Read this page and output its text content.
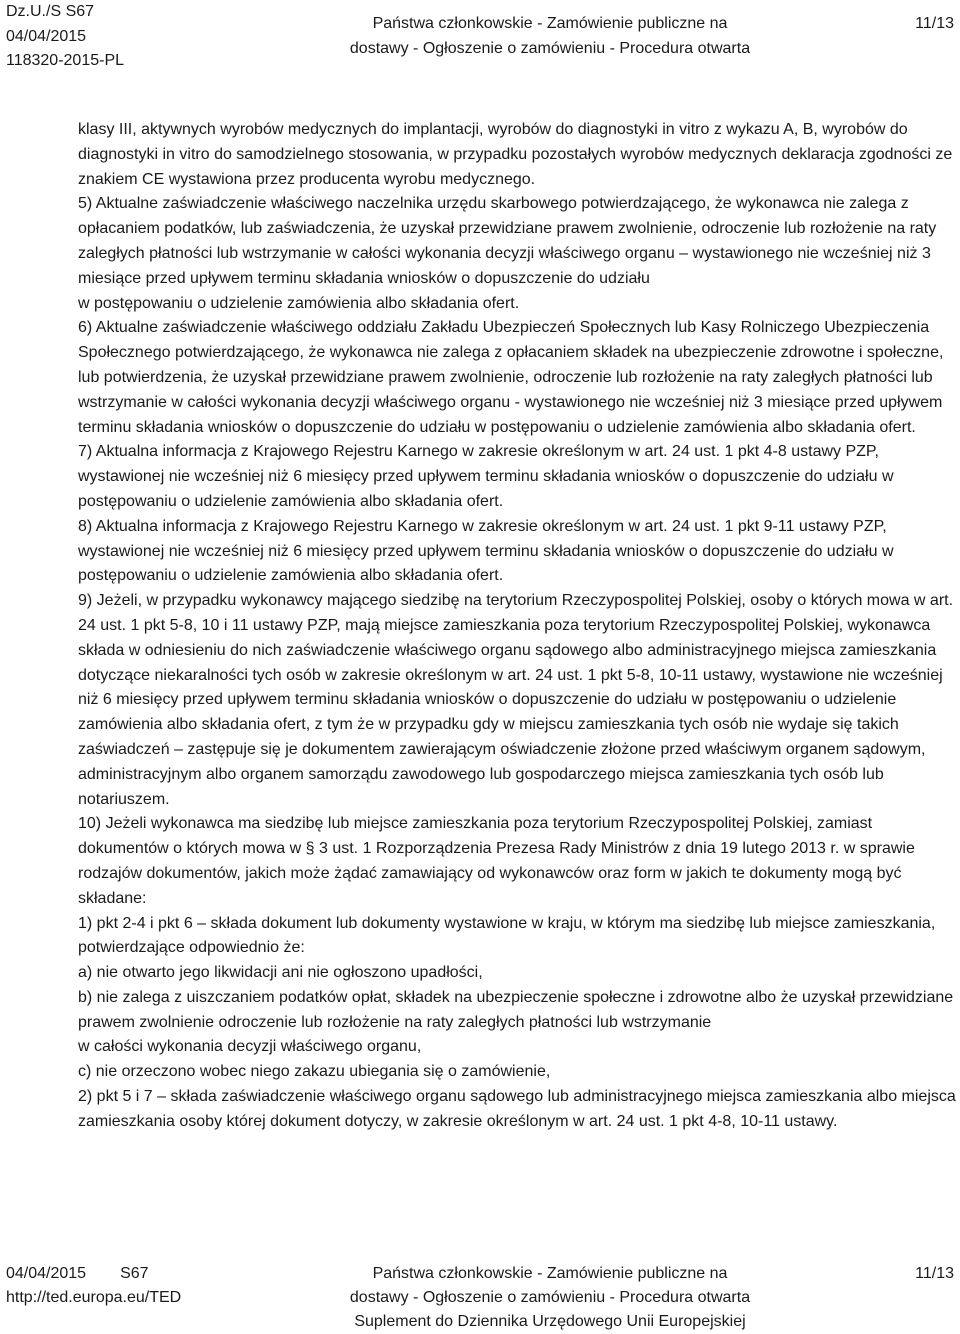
Dz.U./S S67
04/04/2015
118320-2015-PL
Państwa członkowskie - Zamówienie publiczne na
dostawy - Ogłoszenie o zamówieniu - Procedura otwarta
11/13

klasy III, aktywnych wyrobów medycznych do implantacji, wyrobów do diagnostyki in vitro z wykazu A, B, wyrobów do diagnostyki in vitro do samodzielnego stosowania, w przypadku pozostałych wyrobów medycznych deklaracja zgodności ze znakiem CE wystawiona przez producenta wyrobu medycznego.

5) Aktualne zaświadczenie właściwego naczelnika urzędu skarbowego potwierdzającego, że wykonawca nie zalega z opłacaniem podatków, lub zaświadczenia, że uzyskał przewidziane prawem zwolnienie, odroczenie lub rozłożenie na raty zaległych płatności lub wstrzymanie w całości wykonania decyzji właściwego organu – wystawionego nie wcześniej niż 3 miesiące przed upływem terminu składania wniosków o dopuszczenie do udziału

w postępowaniu o udzielenie zamówienia albo składania ofert.

6) Aktualne zaświadczenie właściwego oddziału Zakładu Ubezpieczeń Społecznych lub Kasy Rolniczego Ubezpieczenia Społecznego potwierdzającego, że wykonawca nie zalega z opłacaniem składek na ubezpieczenie zdrowotne i społeczne, lub potwierdzenia, że uzyskał przewidziane prawem zwolnienie, odroczenie lub rozłożenie na raty zaległych płatności lub wstrzymanie w całości wykonania decyzji właściwego organu - wystawionego nie wcześniej niż 3 miesiące przed upływem terminu składania wniosków o dopuszczenie do udziału w postępowaniu o udzielenie zamówienia albo składania ofert.

7) Aktualna informacja z Krajowego Rejestru Karnego w zakresie określonym w art. 24 ust. 1 pkt 4-8 ustawy PZP, wystawionej nie wcześniej niż 6 miesięcy przed upływem terminu składania wniosków o dopuszczenie do udziału w postępowaniu o udzielenie zamówienia albo składania ofert.

8) Aktualna informacja z Krajowego Rejestru Karnego w zakresie określonym w art. 24 ust. 1 pkt 9-11 ustawy PZP, wystawionej nie wcześniej niż 6 miesięcy przed upływem terminu składania wniosków o dopuszczenie do udziału w postępowaniu o udzielenie zamówienia albo składania ofert.

9) Jeżeli, w przypadku wykonawcy mającego siedzibę na terytorium Rzeczypospolitej Polskiej, osoby o których mowa w art. 24 ust. 1 pkt 5-8, 10 i 11 ustawy PZP, mają miejsce zamieszkania poza terytorium Rzeczypospolitej Polskiej, wykonawca składa w odniesieniu do nich zaświadczenie właściwego organu sądowego albo administracyjnego miejsca zamieszkania dotyczące niekaralności tych osób w zakresie określonym w art. 24 ust. 1 pkt 5-8, 10-11 ustawy, wystawione nie wcześniej niż 6 miesięcy przed upływem terminu składania wniosków o dopuszczenie do udziału w postępowaniu o udzielenie zamówienia albo składania ofert, z tym że w przypadku gdy w miejscu zamieszkania tych osób nie wydaje się takich zaświadczeń – zastępuje się je dokumentem zawierającym oświadczenie złożone przed właściwym organem sądowym, administracyjnym albo organem samorządu zawodowego lub gospodarczego miejsca zamieszkania tych osób lub notariuszem.

10) Jeżeli wykonawca ma siedzibę lub miejsce zamieszkania poza terytorium Rzeczypospolitej Polskiej, zamiast dokumentów o których mowa w § 3 ust. 1 Rozporządzenia Prezesa Rady Ministrów z dnia 19 lutego 2013 r. w sprawie rodzajów dokumentów, jakich może żądać zamawiający od wykonawców oraz form w jakich te dokumenty mogą być składane:

1) pkt 2-4 i pkt 6 – składa dokument lub dokumenty wystawione w kraju, w którym ma siedzibę lub miejsce zamieszkania, potwierdzające odpowiednio że:

a) nie otwarto jego likwidacji ani nie ogłoszono upadłości,

b) nie zalega z uiszczaniem podatków opłat, składek na ubezpieczenie społeczne i zdrowotne albo że uzyskał przewidziane prawem zwolnienie odroczenie lub rozłożenie na raty zaległych płatności lub wstrzymanie

w całości wykonania decyzji właściwego organu,

c) nie orzeczono wobec niego zakazu ubiegania się o zamówienie,

2) pkt 5 i 7 – składa zaświadczenie właściwego organu sądowego lub administracyjnego miejsca zamieszkania albo miejsca zamieszkania osoby której dokument dotyczy, w zakresie określonym w art. 24 ust. 1 pkt 4-8, 10-11 ustawy.

04/04/2015 S67
http://ted.europa.eu/TED
Państwa członkowskie - Zamówienie publiczne na
dostawy - Ogłoszenie o zamówieniu - Procedura otwarta
Suplement do Dziennika Urzędowego Unii Europejskiej
11/13
